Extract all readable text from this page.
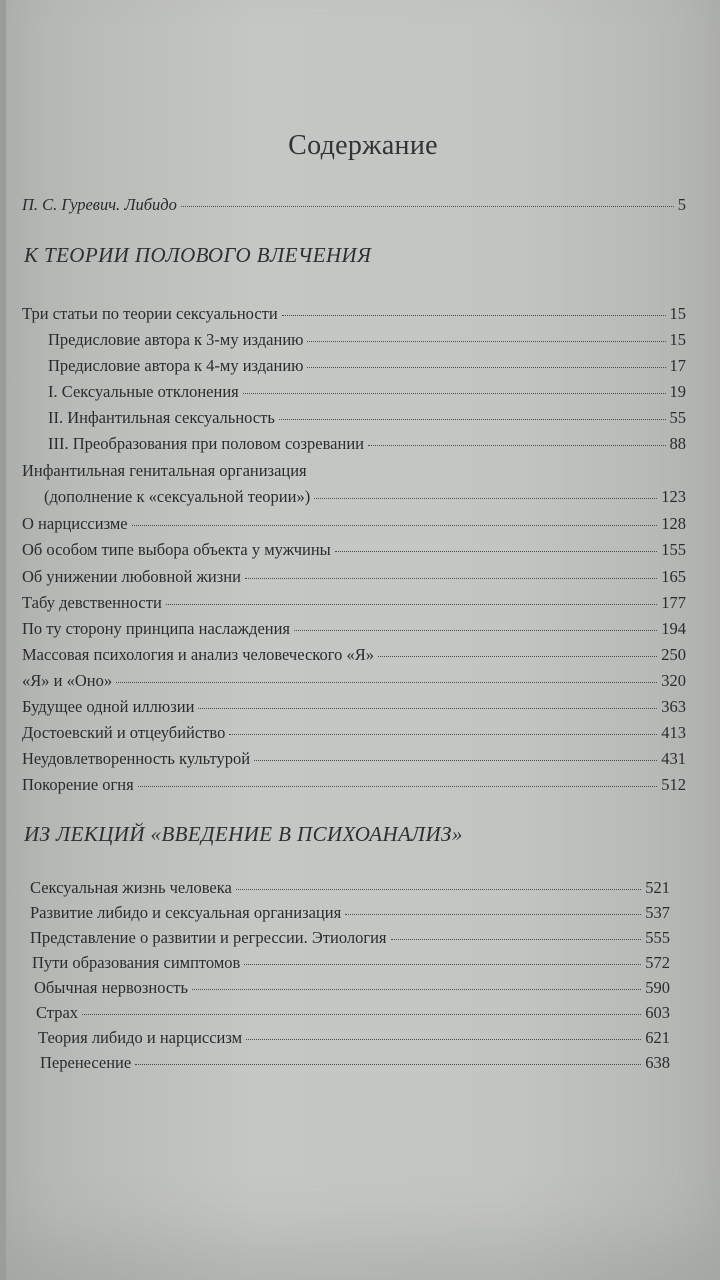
Содержание
П. С. Гуревич. Либидо	5
К ТЕОРИИ ПОЛОВОГО ВЛЕЧЕНИЯ
Три статьи по теории сексуальности	15
Предисловие автора к 3-му изданию	15
Предисловие автора к 4-му изданию	17
I. Сексуальные отклонения	19
II. Инфантильная сексуальность	55
III. Преобразования при половом созревании	88
Инфантильная генитальная организация
(дополнение к «сексуальной теории»)	123
О нарциссизме	128
Об особом типе выбора объекта у мужчины	155
Об унижении любовной жизни	165
Табу девственности	177
По ту сторону принципа наслаждения	194
Массовая психология и анализ человеческого «Я»	250
«Я» и «Оно»	320
Будущее одной иллюзии	363
Достоевский и отцеубийство	413
Неудовлетворенность культурой	431
Покорение огня	512
ИЗ ЛЕКЦИЙ «ВВЕДЕНИЕ В ПСИХОАНАЛИЗ»
Сексуальная жизнь человека	521
Развитие либидо и сексуальная организация	537
Представление о развитии и регрессии. Этиология	555
Пути образования симптомов	572
Обычная нервозность	590
Страх	603
Теория либидо и нарциссизм	621
Перенесение	638
